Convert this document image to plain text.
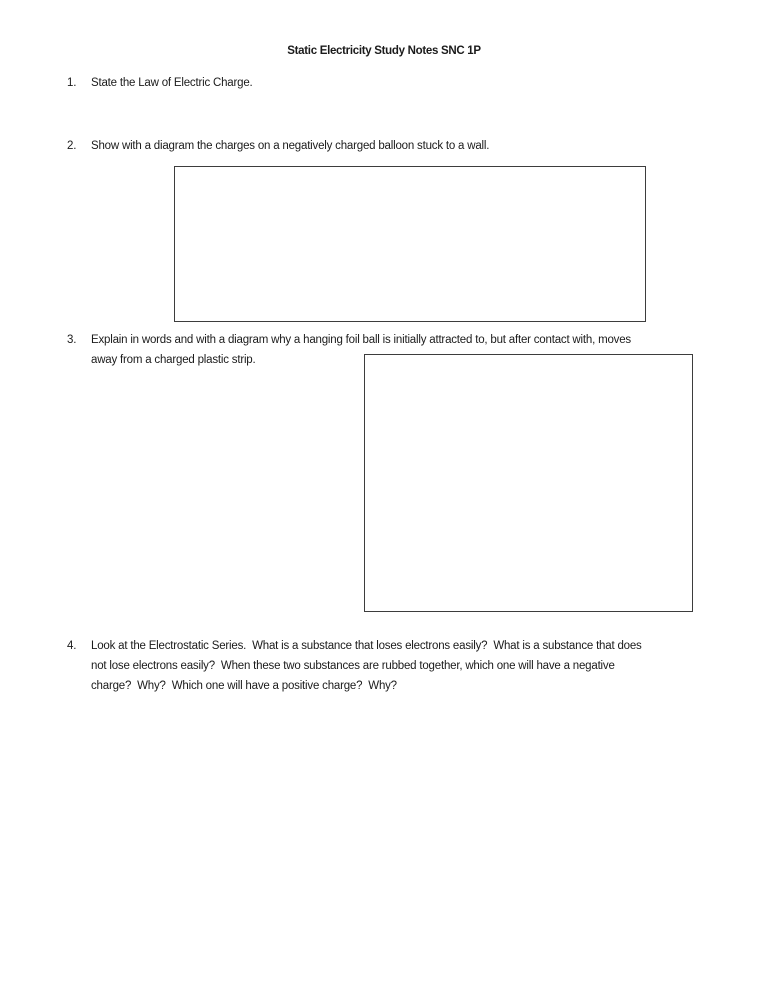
Static Electricity Study Notes SNC 1P
1. State the Law of Electric Charge.
2. Show with a diagram the charges on a negatively charged balloon stuck to a wall.
3. Explain in words and with a diagram why a hanging foil ball is initially attracted to, but after contact with, moves
away from a charged plastic strip.
4. Look at the Electrostatic Series.  What is a substance that loses electrons easily?  What is a substance that does
not lose electrons easily?  When these two substances are rubbed together, which one will have a negative
charge?  Why?  Which one will have a positive charge?  Why?
